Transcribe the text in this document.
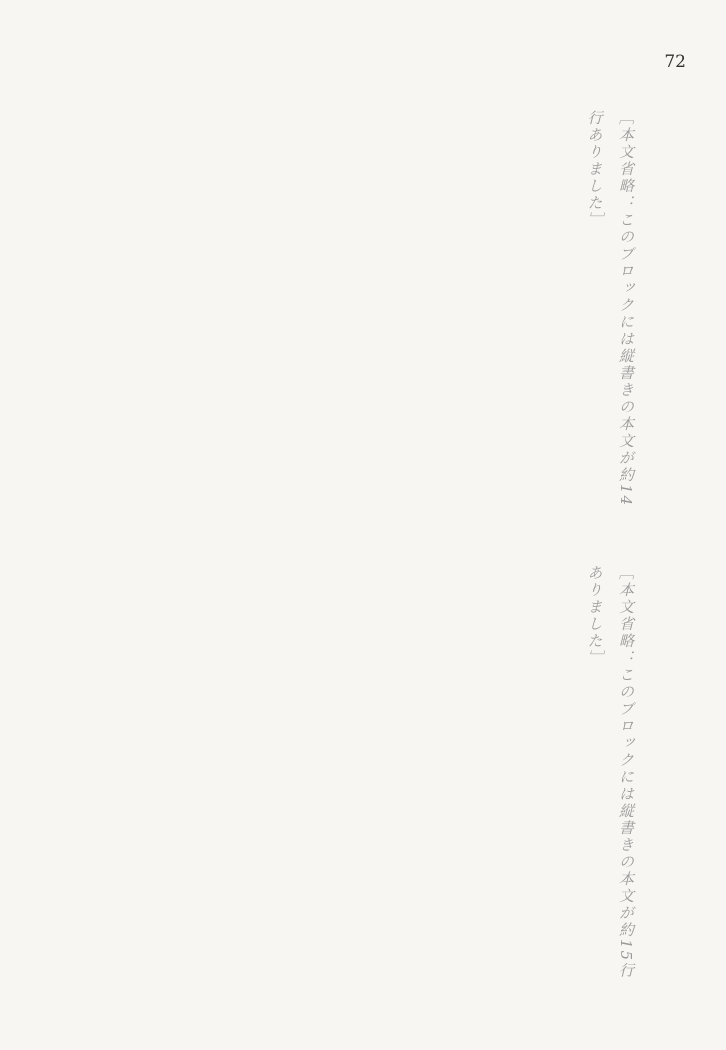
72
［本文省略：このブロックには縦書きの本文が約14行ありました］
［本文省略：このブロックには縦書きの本文が約15行ありました］
